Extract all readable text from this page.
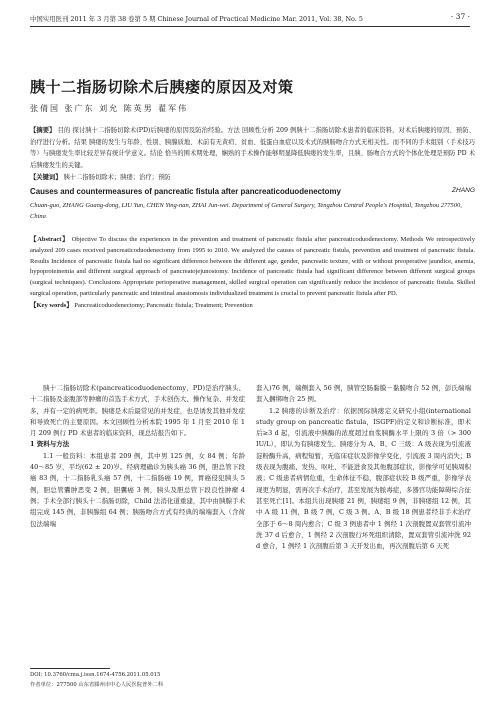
中国实用医刊 2011 年 3 月第 38 卷第 5 期 Chinese Journal of Practical Medicine Mar. 2011, Vol. 38, No. 5	· 37 ·
胰十二指肠切除术后胰瘘的原因及对策
张倩国 张广东 刘允 陈英男 翟军伟
【摘要】 目的 探讨胰十二指肠切除术(PD)后胰瘘的原因及防治经验。方法 回顾性分析 209 例胰十二指肠切除术患者的临床资料，对术后胰瘘的原因、预防、治疗进行分析。结果 胰瘘的发生与年龄、性别、胰腺质地、术前有无黄疸、贫血、低蛋白血症以及术式的胰肠吻合方式无相关性。而不同的手术组别（手术技巧等）与胰瘘发生率比较差异有统计学意义。结论 恰当的围术期处理，娴熟的手术操作能够明显降低胰瘘的发生率，且胰、肠吻合方式的个体化处理是预防 PD 术后胰瘘发生的关键。
【关键词】 胰十二指肠切除术；胰瘘；治疗；预防
Causes and countermeasures of pancreatic fistula after pancreaticoduodenectomy	ZHANG
Chuan-guo, ZHANG Guang-dong, LIU Yun, CHEN Ying-nan, ZHAI Jun-wei. Department of General Surgery, Tengzhou Central People's Hospital, Tengzhou 277500, China
【Abstract】 Objective To discuss the experiences in the prevention and treatment of pancreatic fistula after pancreaticoduodenectomy. Methods We retrospectively analyzed 209 cases received pancreaticoduodenectomy from 1995 to 2010. We analyzed the causes of pancreatic fistula, prevention and treatment of pancreatic fistula. Results Incidence of pancreatic fistula had no significant difference between the different age, gender, pancreatic texture, with or without preoperative jaundice, anemia, hypoproteinemia and different surgical approach of pancreatojejunostomy. Incidence of pancreatic fistula had significant difference between different surgical groups (surgical techniques). Conclusions Appropriate perioperative management, skilled surgical operation can significantly reduce the incidence of pancreatic fistula. Skilled surgical operation, particularly pancreatic and intestinal anastomosis individualized treatment is crucial to prevent pancreatic fistula after PD.
【Key words】 Pancreaticoduodenectomy; Pancreatic fistula; Treatment; Prevention
胰十二指肠切除术(pancreaticoduodenectomy，PD)是治疗胰头、十二指肠及壶腹部等肿瘤的首选手术方式，手术创伤大、操作复杂、并发症多，并有一定的病死率。胰瘘是术后最常见的并发症，也是诱发其他并发症和导致死亡的主要原因。本文回顾性分析本院 1995 年 1 月至 2010 年 1 月 209 例行 PD 术患者的临床资料，现总结报告如下。
1 资料与方法
1.1 一般资料：本组患者 209 例，其中男 125 例，女 84 例；年龄 40～85 岁，平均(62 ± 20)岁。经病理确诊为胰头癌 36 例，胆总管下段癌 83 例，十二指肠乳头癌 57 例，十二指肠癌 19 例，胃癌侵犯胰头 5 例，胆总管囊肿恶变 2 例，胆囊癌 3 例，胰头及胆总管下段良性肿瘤 4 例；手术全部行胰头十二指肠切除，Child 法消化道重建，其中由胰腺手术组完成 145 例，非胰腺组 64 例；胰肠吻合方式有经典的端端套入（含荷包法端端
套入)76 例，端侧套入 56 例，胰管空肠黏膜－黏膜吻合 52 例，彭氏端端套入捆绑吻合 25 例。
1.2 胰瘘的诊断及治疗：依据国际胰瘘定义研究小组(international study group on pancreatic fistula，ISGPF)的定义和诊断标准，即术后≥3 d 起，引流液中胰酶的浓度超过血浆胰酶水平上限的 3 倍（> 300 IU/L），即认为有胰瘘发生。胰瘘分为 A、B、C 三级：A 级表现为引流液淀粉酶升高，病程短暂，无临床症状及影像学变化，引流液 3 周内消失；B 级表现为腹痛、发热、呕吐、不能进食及其他腹部症状，影像学可见胰周积液；C 级患者病情危重，生命体征不稳，腹部症状较 B 级严重，影像学表现更为明显，需再次手术治疗，甚至发展为脓毒症，多器官功能障碍综合征甚至死亡[1]。本组共出现胰瘘 21 例，胰瘘组 9 例，非胰瘘组 12 例，其中 A 级 11 例，B 级 7 例，C 级 3 例。A、B 级 18 例患者经非手术治疗全部于 6～8 周内愈合；C 级 3 例患者中 1 例经 1 次剖腹置双套管引流冲洗 37 d 后愈合，1 例经 2 次剖腹行坏死组织清除，置双套管引流冲洗 92 d 愈合，1 例经 1 次剖腹后第 3 天开发出血，再次剖腹后第 6 天死
DOI: 10.3760/cma.j.issn.1674-4756.2011.05.015
作者单位：277500 山东省滕州市中心人民医院普外二科
